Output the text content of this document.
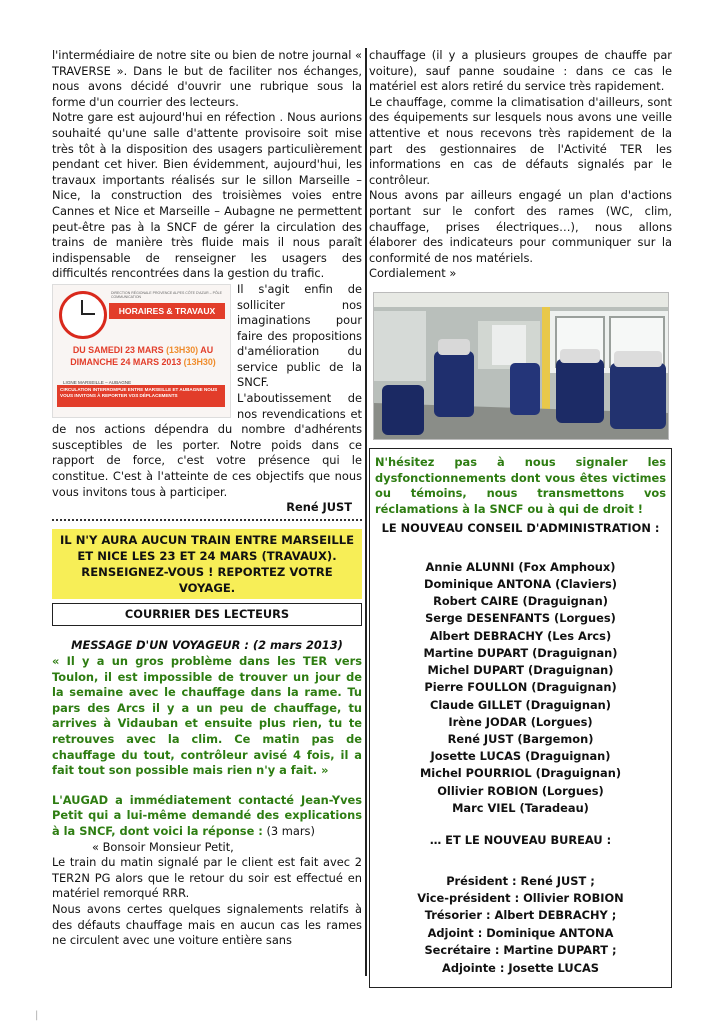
l'intermédiaire de notre site ou bien de notre journal « TRAVERSE ». Dans le but de faciliter nos échanges, nous avons décidé d'ouvrir une rubrique sous la forme d'un courrier des lecteurs.

Notre gare est aujourd'hui en réfection . Nous aurions souhaité qu'une salle d'attente provisoire soit mise très tôt à la disposition des usagers particulièrement pendant cet hiver. Bien évidemment, aujourd'hui, les travaux importants réalisés sur le sillon Marseille – Nice, la construction des troisièmes voies entre Cannes et Nice et Marseille – Aubagne ne permettent peut-être pas à la SNCF de gérer la circulation des trains de manière très fluide mais il nous paraît indispensable de renseigner les usagers des difficultés rencontrées dans la gestion du trafic.

DIRECTION RÉGIONALE PROVENCE ALPES CÔTE D'AZUR – PÔLE COMMUNICATION
HORAIRES & TRAVAUX
DU SAMEDI 23 MARS (13H30) AU
DIMANCHE 24 MARS 2013 (13H30)
LIGNE MARSEILLE – AUBAGNE
CIRCULATION INTERROMPUE ENTRE MARSEILLE ET AUBAGNE NOUS VOUS INVITONS À REPORTER VOS DÉPLACEMENTS

Il s'agit enfin de solliciter nos imaginations pour faire des propositions d'amélioration du service public de la SNCF. L'aboutissement de nos revendications et de nos actions dépendra du nombre d'adhérents susceptibles de les porter. Notre poids dans ce rapport de force, c'est votre présence qui le constitue. C'est à l'atteinte de ces objectifs que nous vous invitons tous à participer.

René JUST

IL N'Y AURA AUCUN TRAIN ENTRE MARSEILLE
ET NICE LES 23 ET 24 MARS (TRAVAUX).
RENSEIGNEZ-VOUS ! REPORTEZ VOTRE VOYAGE.
COURRIER DES LECTEURS
MESSAGE D'UN VOYAGEUR : (2 mars 2013)

« Il y a un gros problème dans les TER vers Toulon, il est impossible de trouver un jour de la semaine avec le chauffage dans la rame. Tu pars des Arcs il y a un peu de chauffage, tu arrives à Vidauban et ensuite plus rien, tu te retrouves avec la clim. Ce matin pas de chauffage du tout, contrôleur avisé 4 fois, il a fait tout son possible mais rien n'y a fait. »

L'AUGAD a immédiatement contacté Jean-Yves Petit qui a lui-même demandé des explications à la SNCF, dont voici la réponse : (3 mars)

« Bonsoir Monsieur Petit,

Le train du matin signalé par le client est fait avec 2 TER2N PG alors que le retour du soir est effectué en matériel remorqué RRR.

Nous avons certes quelques signalements relatifs à des défauts chauffage mais en aucun cas les rames ne circulent avec une voiture entière sans

chauffage (il y a plusieurs groupes de chauffe par voiture), sauf panne soudaine : dans ce cas le matériel est alors retiré du service très rapidement.

Le chauffage, comme la climatisation d'ailleurs, sont des équipements sur lesquels nous avons une veille attentive et nous recevons très rapidement de la part des gestionnaires de l'Activité TER les informations en cas de défauts signalés par le contrôleur.

Nous avons par ailleurs engagé un plan d'actions portant sur le confort des rames (WC, clim, chauffage, prises électriques…), nous allons élaborer des indicateurs pour communiquer sur la conformité de nos matériels.

Cordialement »

N'hésitez pas à nous signaler les dysfonctionnements dont vous êtes victimes ou témoins, nous transmettons vos réclamations à la SNCF ou à qui de droit !

LE NOUVEAU CONSEIL D'ADMINISTRATION :
Annie ALUNNI (Fox Amphoux)
Dominique ANTONA (Claviers)
Robert CAIRE (Draguignan)
Serge DESENFANTS (Lorgues)
Albert DEBRACHY (Les Arcs)
Martine DUPART (Draguignan)
Michel DUPART (Draguignan)
Pierre FOULLON (Draguignan)
Claude GILLET (Draguignan)
Irène JODAR (Lorgues)
René JUST (Bargemon)
Josette LUCAS (Draguignan)
Michel POURRIOL (Draguignan)
Ollivier ROBION (Lorgues)
Marc VIEL (Taradeau)
… ET LE NOUVEAU BUREAU :
Président : René JUST ;
Vice-président : Ollivier ROBION
Trésorier : Albert DEBRACHY ;
Adjoint : Dominique ANTONA
Secrétaire : Martine DUPART ;
Adjointe : Josette LUCAS
|
